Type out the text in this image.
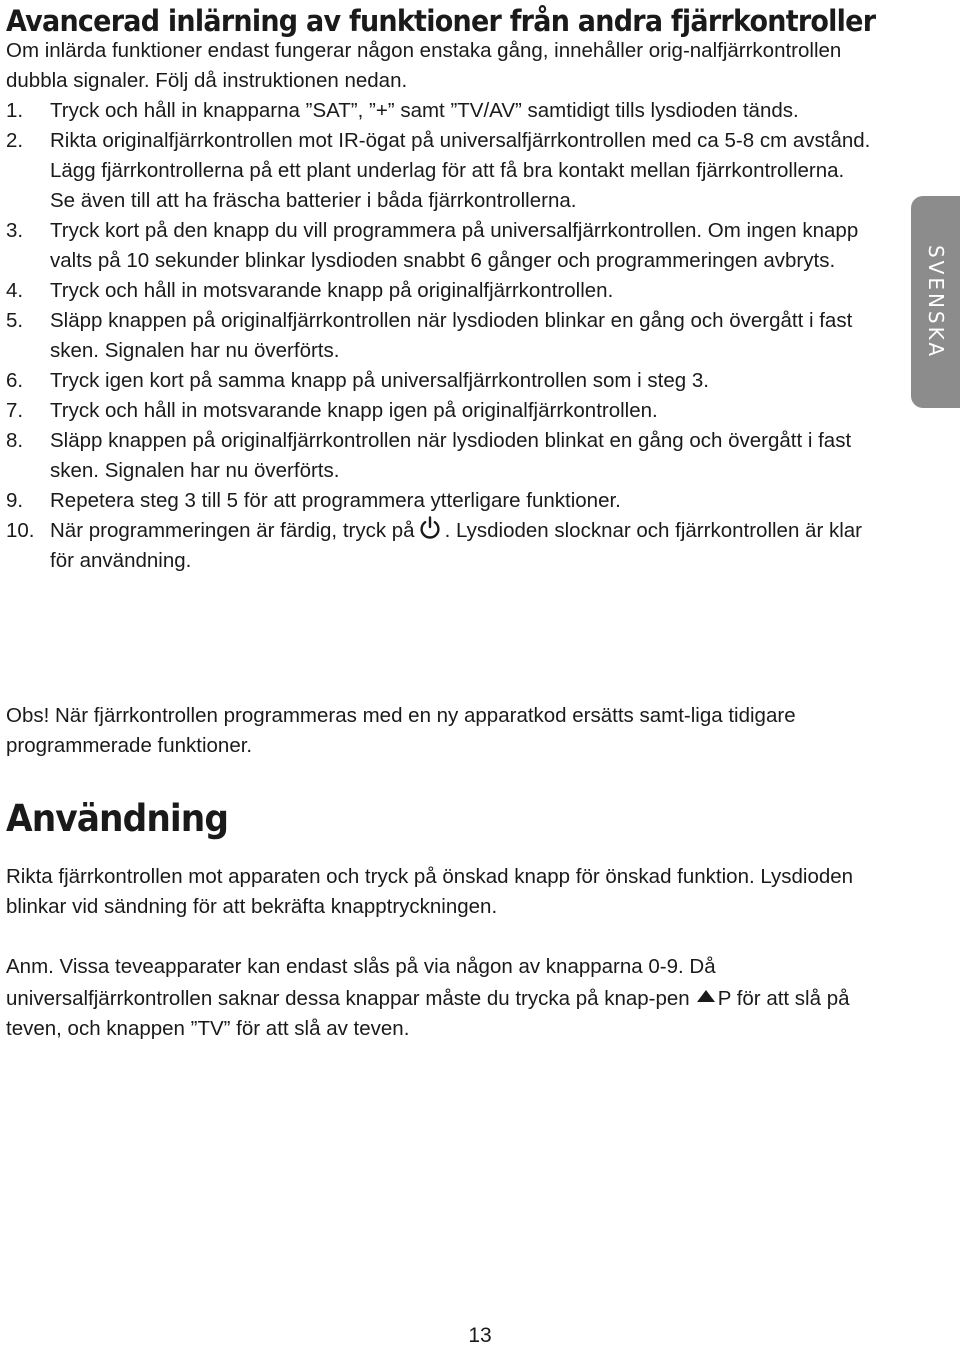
Avancerad inlärning av funktioner från andra fjärrkontroller

Om inlärda funktioner endast fungerar någon enstaka gång, innehåller orig-nalfjärrkontrollen dubbla signaler. Följ då instruktionen nedan.

1. Tryck och håll in knapparna ”SAT”, ”+” samt ”TV/AV” samtidigt tills lysdioden tänds.
2. Rikta originalfjärrkontrollen mot IR-ögat på universalfjärrkontrollen med ca 5-8 cm avstånd. Lägg fjärrkontrollerna på ett plant underlag för att få bra kontakt mellan fjärrkontrollerna.
Se även till att ha fräscha batterier i båda fjärrkontrollerna.
3. Tryck kort på den knapp du vill programmera på universalfjärrkontrollen. Om ingen knapp valts på 10 sekunder blinkar lysdioden snabbt 6 gånger och programmeringen avbryts.
4. Tryck och håll in motsvarande knapp på originalfjärrkontrollen.
5. Släpp knappen på originalfjärrkontrollen när lysdioden blinkar en gång och övergått i fast sken. Signalen har nu överförts.
6. Tryck igen kort på samma knapp på universalfjärrkontrollen som i steg 3.
7. Tryck och håll in motsvarande knapp igen på originalfjärrkontrollen.
8. Släpp knappen på originalfjärrkontrollen när lysdioden blinkat en gång och övergått i fast sken. Signalen har nu överförts.
9. Repetera steg 3 till 5 för att programmera ytterligare funktioner.
10. När programmeringen är färdig, tryck på . Lysdioden slocknar och fjärrkontrollen är klar för användning.

Obs! När fjärrkontrollen programmeras med en ny apparatkod ersätts samt-liga tidigare programmerade funktioner.

Användning

Rikta fjärrkontrollen mot apparaten och tryck på önskad knapp för önskad funktion. Lysdioden blinkar vid sändning för att bekräfta knapptryckningen.

Anm. Vissa teveapparater kan endast slås på via någon av knapparna 0-9. Då universalfjärrkontrollen saknar dessa knappar måste du trycka på knap-pen P för att slå på teven, och knappen ”TV” för att slå av teven.

SVENSKA

13
